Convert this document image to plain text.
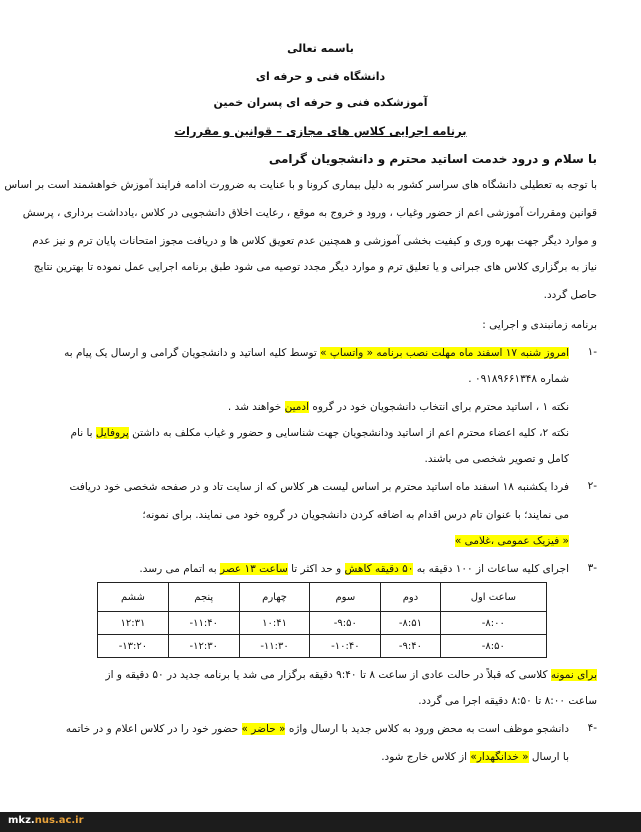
باسمه تعالی
دانشگاه فنی و حرفه ای
آموزشکده فنی و حرفه ای پسران خمین
برنامه اجرایی کلاس های مجازی – قوانین و مقررات
با سلام و درود خدمت اساتید محترم و دانشجویان گرامی
با توجه به تعطیلی دانشگاه های سراسر کشور به دلیل بیماری کرونا و با عنایت به ضرورت ادامه فرایند آموزش خواهشمند است بر اساس
قوانین ومقررات آموزشی اعم از حضور وغیاب ، ورود و خروج به موقع ، رعایت اخلاق دانشجویی در کلاس ،یادداشت برداری ، پرسش
و موارد دیگر جهت بهره وری و کیفیت بخشی آموزشی و همچنین عدم تعویق کلاس ها و دریافت مجوز امتحانات پایان ترم و نیز عدم
نیاز به برگزاری کلاس های جبرانی و یا تعلیق ترم و موارد دیگر مجدد توصیه می شود طبق برنامه اجرایی عمل نموده تا بهترین نتایج
حاصل گردد.
برنامه زمانبندی و اجرایی :
-۱
امروز شنبه ۱۷ اسفند ماه مهلت نصب برنامه « واتساپ » توسط کلیه اساتید و دانشجویان گرامی و ارسال یک پیام به
شماره ۰۹۱۸۹۶۶۱۳۴۸ .
نکته ۱ ، اساتید محترم برای انتخاب دانشجویان خود در گروه ادمین خواهند شد .
نکته ۲، کلیه اعضاء محترم اعم از اساتید ودانشجویان جهت شناسایی و حضور و غیاب مکلف به داشتن پروفایل با نام
کامل و تصویر شخصی می باشند.
-۲
فردا یکشنبه ۱۸ اسفند ماه اساتید محترم بر اساس لیست هر کلاس که از سایت تاد و در صفحه شخصی خود دریافت
می نمایند؛ با عنوان تام درس اقدام به اضافه کردن دانشجویان در گروه خود می نمایند. برای نمونه؛
« فیزیک عمومی ،غلامی »
-۳
اجرای کلیه ساعات از ۱۰۰ دقیقه به ۵۰ دقیقه کاهش و حد اکثر تا ساعت ۱۳ عصر به اتمام می رسد.
ساعت اول	دوم	سوم	چهارم	پنجم	ششم
۸:۰۰-	۸:۵۱-	۹:۵۰-	۱۰:۴۱	۱۱:۴۰-	۱۲:۳۱
۸:۵۰-	۹:۴۰-	۱۰:۴۰-	۱۱:۳۰-	۱۲:۳۰-	۱۳:۲۰-
برای نمونه کلاسی که قبلاً در حالت عادی از ساعت ۸ تا ۹:۴۰ دقیقه برگزار می شد یا برنامه جدید در ۵۰ دقیقه و از
ساعت ۸:۰۰ تا ۸:۵۰ دقیقه اجرا می گردد.
-۴
دانشجو موظف است به محض ورود به کلاس جدید با ارسال واژه « حاضر » حضور خود را در کلاس اعلام و در خاتمه
با ارسال « خدانگهدار» از کلاس خارج شود.
mkz.nus.ac.ir
